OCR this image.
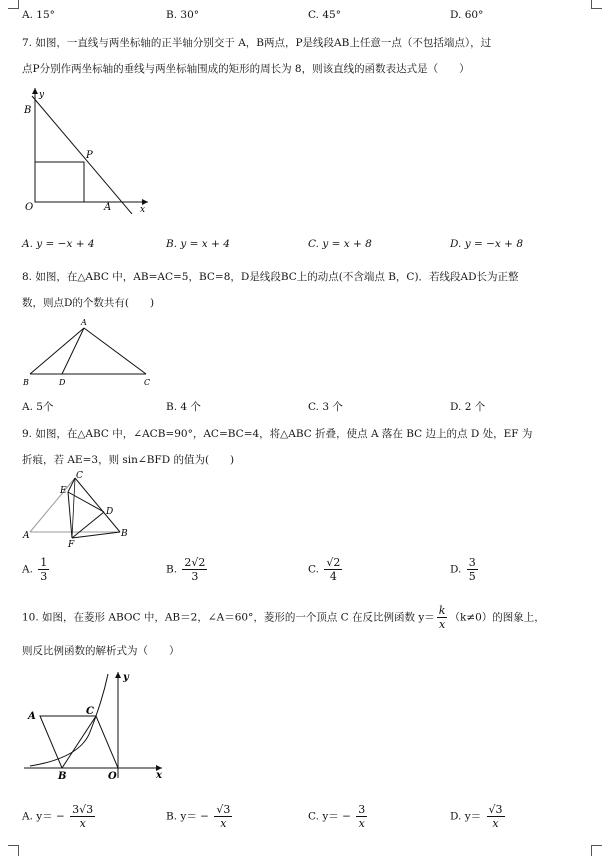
A. 15°	B. 30°	C. 45°	D. 60°
7. 如图，一直线与两坐标轴的正半轴分别交于 A，B两点，P是线段AB上任意一点（不包括端点），过
点P分别作两坐标轴的垂线与两坐标轴围成的矩形的周长为 8，则该直线的函数表达式是（　　）
y
B
P
O	A	x
A. y = −x + 4	B. y = x + 4	C. y = x + 8	D. y = −x + 8
8. 如图，在△ABC 中，AB=AC=5，BC=8，D是线段BC上的动点(不含端点 B，C)．若线段AD长为正整
数，则点D的个数共有(　　)
A
B	D	C
A. 5个	B. 4 个	C. 3 个	D. 2 个
9. 如图，在△ABC 中，∠ACB=90°，AC=BC=4，将△ABC 折叠，使点 A 落在 BC 边上的点 D 处，EF 为
折痕，若 AE=3，则 sin∠BFD 的值为(　　)
C
E
D
A
F
B
A. $\frac{1}{3}$	B. $\frac{2√2}{3}$	C. $\frac{√2}{4}$	D. $\frac{3}{5}$
10. 如图，在菱形 ABOC 中，AB＝2，∠A＝60°，菱形的一个顶点 C 在反比例函数 $y= \frac{k}{x} (k\ne 0)$的图象上，
则反比例函数的解析式为（　　）
y
A	C
B	O	x
A. $y= - \frac{3√3}{x}$	B. $y= - \frac{√3}{x}$	C. $y= - \frac{3}{x}$	D. $y= \frac{√3}{x}$
